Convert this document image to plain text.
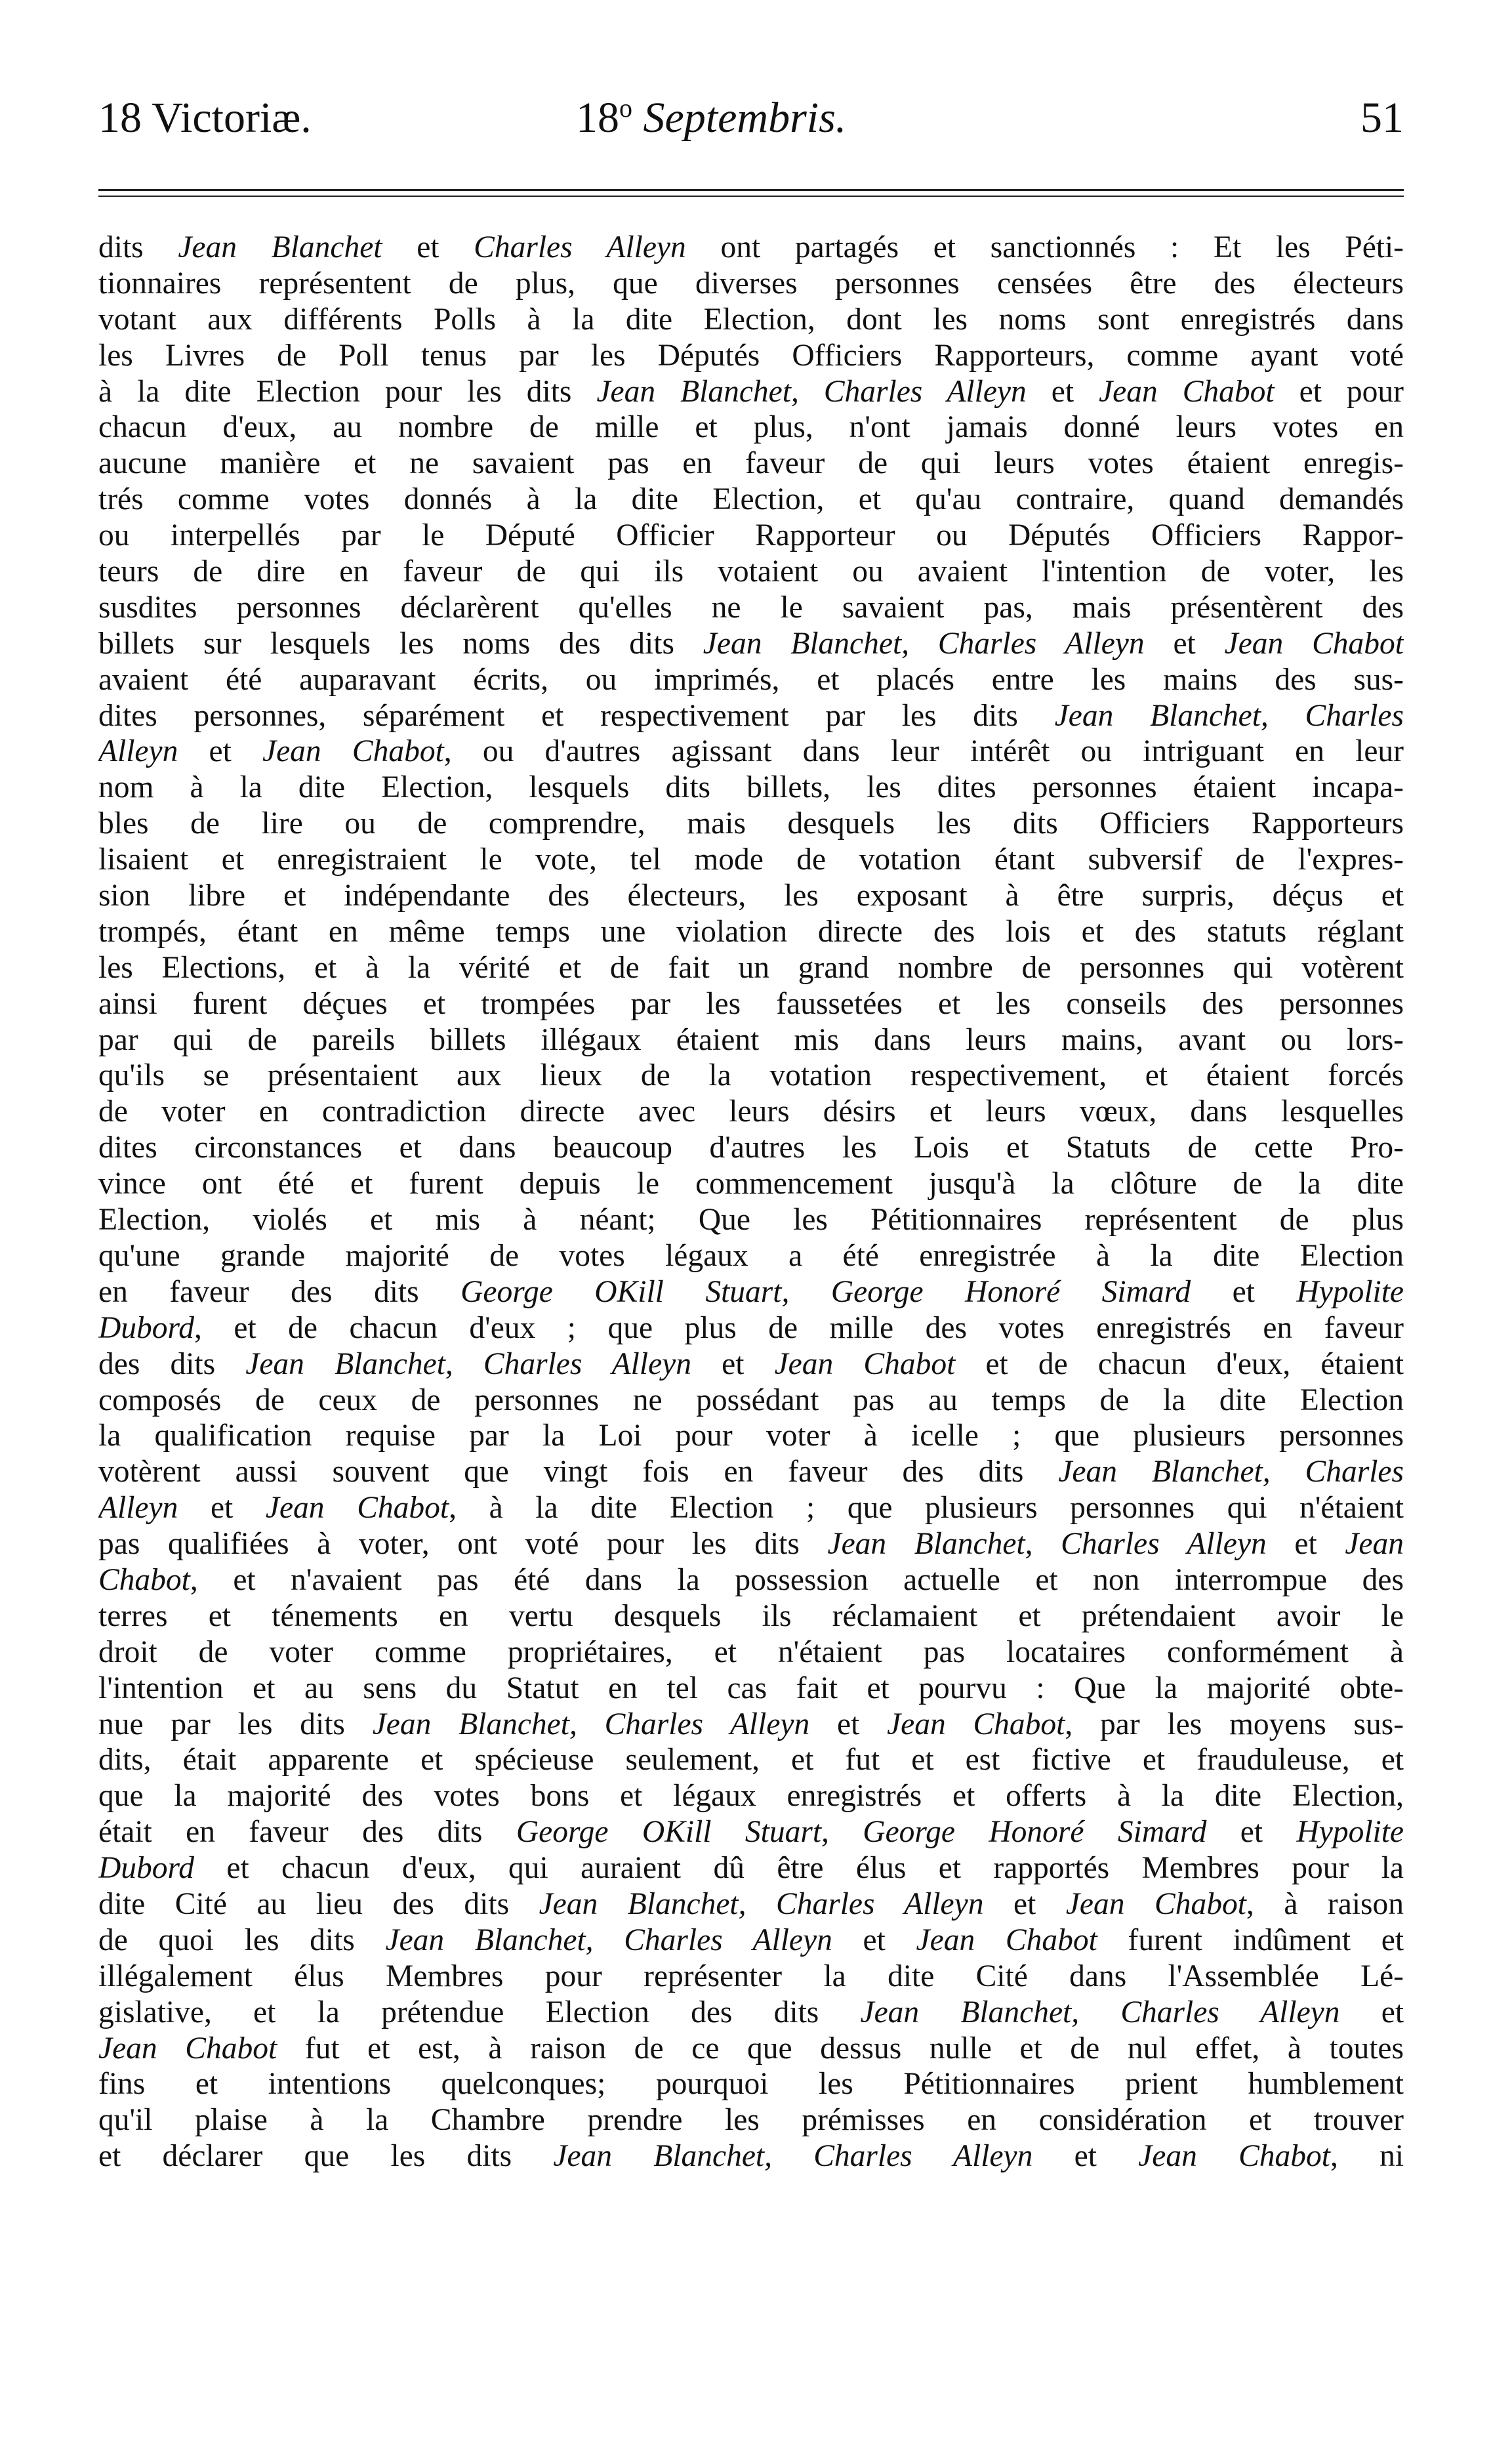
18 Victoriæ.	18$^o$ Septembris.	51
dits Jean Blanchet et Charles Alleyn ont partagés et sanctionnés : Et les Péti-
tionnaires représentent de plus, que diverses personnes censées être des électeurs
votant aux différents Polls à la dite Election, dont les noms sont enregistrés dans
les Livres de Poll tenus par les Députés Officiers Rapporteurs, comme ayant voté
à la dite Election pour les dits Jean Blanchet, Charles Alleyn et Jean Chabot et pour
chacun d'eux, au nombre de mille et plus, n'ont jamais donné leurs votes en
aucune manière et ne savaient pas en faveur de qui leurs votes étaient enregis-
trés comme votes donnés à la dite Election, et qu'au contraire, quand demandés
ou interpellés par le Député Officier Rapporteur ou Députés Officiers Rappor-
teurs de dire en faveur de qui ils votaient ou avaient l'intention de voter, les
susdites personnes déclarèrent qu'elles ne le savaient pas, mais présentèrent des
billets sur lesquels les noms des dits Jean Blanchet, Charles Alleyn et Jean Chabot
avaient été auparavant écrits, ou imprimés, et placés entre les mains des sus-
dites personnes, séparément et respectivement par les dits Jean Blanchet, Charles
Alleyn et Jean Chabot, ou d'autres agissant dans leur intérêt ou intriguant en leur
nom à la dite Election, lesquels dits billets, les dites personnes étaient incapa-
bles de lire ou de comprendre, mais desquels les dits Officiers Rapporteurs
lisaient et enregistraient le vote, tel mode de votation étant subversif de l'expres-
sion libre et indépendante des électeurs, les exposant à être surpris, déçus et
trompés, étant en même temps une violation directe des lois et des statuts réglant
les Elections, et à la vérité et de fait un grand nombre de personnes qui votèrent
ainsi furent déçues et trompées par les faussetées et les conseils des personnes
par qui de pareils billets illégaux étaient mis dans leurs mains, avant ou lors-
qu'ils se présentaient aux lieux de la votation respectivement, et étaient forcés
de voter en contradiction directe avec leurs désirs et leurs vœux, dans lesquelles
dites circonstances et dans beaucoup d'autres les Lois et Statuts de cette Pro-
vince ont été et furent depuis le commencement jusqu'à la clôture de la dite
Election, violés et mis à néant; Que les Pétitionnaires représentent de plus
qu'une grande majorité de votes légaux a été enregistrée à la dite Election
en faveur des dits George OKill Stuart, George Honoré Simard et Hypolite
Dubord, et de chacun d'eux ; que plus de mille des votes enregistrés en faveur
des dits Jean Blanchet, Charles Alleyn et Jean Chabot et de chacun d'eux, étaient
composés de ceux de personnes ne possédant pas au temps de la dite Election
la qualification requise par la Loi pour voter à icelle ; que plusieurs personnes
votèrent aussi souvent que vingt fois en faveur des dits Jean Blanchet, Charles
Alleyn et Jean Chabot, à la dite Election ; que plusieurs personnes qui n'étaient
pas qualifiées à voter, ont voté pour les dits Jean Blanchet, Charles Alleyn et Jean
Chabot, et n'avaient pas été dans la possession actuelle et non interrompue des
terres et ténements en vertu desquels ils réclamaient et prétendaient avoir le
droit de voter comme propriétaires, et n'étaient pas locataires conformément à
l'intention et au sens du Statut en tel cas fait et pourvu : Que la majorité obte-
nue par les dits Jean Blanchet, Charles Alleyn et Jean Chabot, par les moyens sus-
dits, était apparente et spécieuse seulement, et fut et est fictive et frauduleuse, et
que la majorité des votes bons et légaux enregistrés et offerts à la dite Election,
était en faveur des dits George OKill Stuart, George Honoré Simard et Hypolite
Dubord et chacun d'eux, qui auraient dû être élus et rapportés Membres pour la
dite Cité au lieu des dits Jean Blanchet, Charles Alleyn et Jean Chabot, à raison
de quoi les dits Jean Blanchet, Charles Alleyn et Jean Chabot furent indûment et
illégalement élus Membres pour représenter la dite Cité dans l'Assemblée Lé-
gislative, et la prétendue Election des dits Jean Blanchet, Charles Alleyn et
Jean Chabot fut et est, à raison de ce que dessus nulle et de nul effet, à toutes
fins et intentions quelconques; pourquoi les Pétitionnaires prient humblement
qu'il plaise à la Chambre prendre les prémisses en considération et trouver
et déclarer que les dits Jean Blanchet, Charles Alleyn et Jean Chabot, ni
